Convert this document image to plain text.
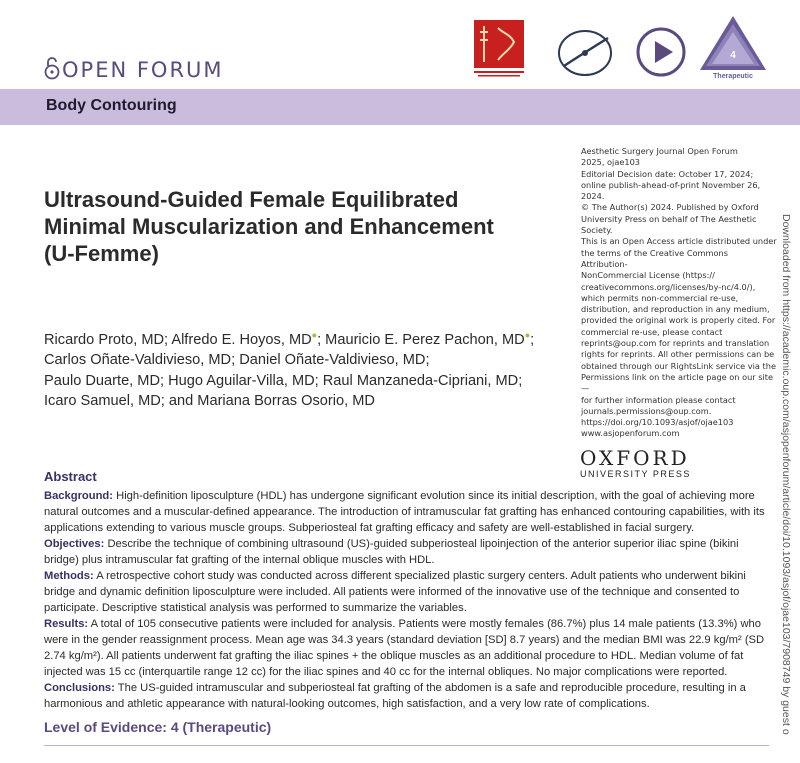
OPEN FORUM
4
Therapeutic
Body Contouring
Ultrasound-Guided Female Equilibrated
Minimal Muscularization and Enhancement
(U-Femme)
Ricardo Proto, MD; Alfredo E. Hoyos, MD●; Mauricio E. Perez Pachon, MD●;
Carlos Oñate-Valdivieso, MD; Daniel Oñate-Valdivieso, MD;
Paulo Duarte, MD; Hugo Aguilar-Villa, MD; Raul Manzaneda-Cipriani, MD;
Icaro Samuel, MD; and Mariana Borras Osorio, MD

Aesthetic Surgery Journal Open Forum

2025, ojae103

Editorial Decision date: October 17, 2024;

online publish-ahead-of-print November 26,

2024.

© The Author(s) 2024. Published by Oxford

University Press on behalf of The Aesthetic

Society.

This is an Open Access article distributed under

the terms of the Creative Commons Attribution-

NonCommercial License (https://

creativecommons.org/licenses/by-nc/4.0/),

which permits non-commercial re-use,

distribution, and reproduction in any medium,

provided the original work is properly cited. For

commercial re-use, please contact

reprints@oup.com for reprints and translation

rights for reprints. All other permissions can be

obtained through our RightsLink service via the

Permissions link on the article page on our site—

for further information please contact

journals.permissions@oup.com.

https://doi.org/10.1093/asjof/ojae103

www.asjopenforum.com

OXFORD
UNIVERSITY PRESS	Downloaded from https://academic.oup.com/asjopenforum/article/doi/10.1093/asjof/ojae103/7908749 by guest o
Abstract

Background: High-definition liposculpture (HDL) has undergone significant evolution since its initial description, with the goal of achieving more natural outcomes and a muscular-defined appearance. The introduction of intramuscular fat grafting has enhanced contouring capabilities, with its applications extending to various muscle groups. Subperiosteal fat grafting efficacy and safety are well-established in facial surgery.

Objectives: Describe the technique of combining ultrasound (US)-guided subperiosteal lipoinjection of the anterior superior iliac spine (bikini bridge) plus intramuscular fat grafting of the internal oblique muscles with HDL.

Methods: A retrospective cohort study was conducted across different specialized plastic surgery centers. Adult patients who underwent bikini bridge and dynamic definition liposculpture were included. All patients were informed of the innovative use of the technique and consented to participate. Descriptive statistical analysis was performed to summarize the variables.

Results: A total of 105 consecutive patients were included for analysis. Patients were mostly females (86.7%) plus 14 male patients (13.3%) who were in the gender reassignment process. Mean age was 34.3 years (standard deviation [SD] 8.7 years) and the median BMI was 22.9 kg/m² (SD 2.74 kg/m²). All patients underwent fat grafting the iliac spines + the oblique muscles as an additional procedure to HDL. Median volume of fat injected was 15 cc (interquartile range 12 cc) for the iliac spines and 40 cc for the internal obliques. No major complications were reported.

Conclusions: The US-guided intramuscular and subperiosteal fat grafting of the abdomen is a safe and reproducible procedure, resulting in a harmonious and athletic appearance with natural-looking outcomes, high satisfaction, and a very low rate of complications.

Level of Evidence: 4 (Therapeutic)
